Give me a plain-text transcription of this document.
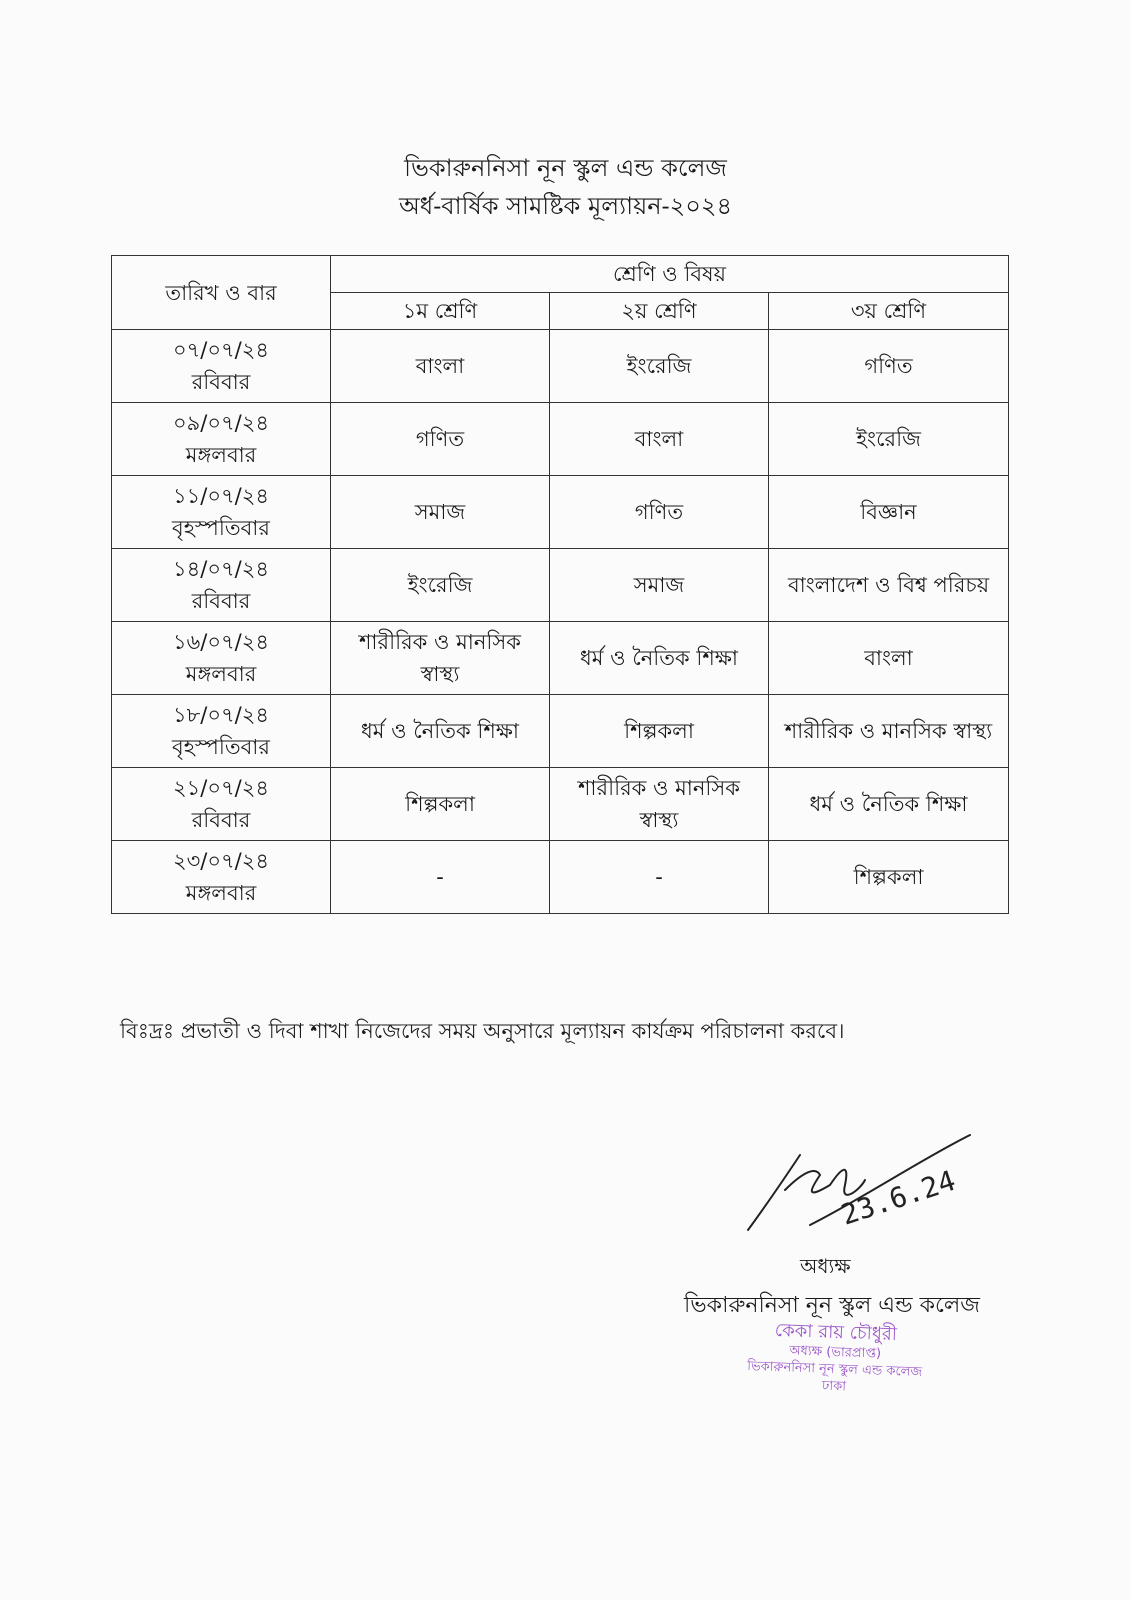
ভিকারুননিসা নূন স্কুল এন্ড কলেজ
অর্ধ-বার্ষিক সামষ্টিক মূল্যায়ন-২০২৪
তারিখ ও বার	শ্রেণি ও বিষয়		
	১ম শ্রেণি	২য় শ্রেণি	৩য় শ্রেণি

০৭/০৭/২৪
রবিবার	বাংলা	ইংরেজি	গণিত

০৯/০৭/২৪
মঙ্গলবার	গণিত	বাংলা	ইংরেজি

১১/০৭/২৪
বৃহস্পতিবার	সমাজ	গণিত	বিজ্ঞান

১৪/০৭/২৪
রবিবার	ইংরেজি	সমাজ	বাংলাদেশ ও বিশ্ব পরিচয়

১৬/০৭/২৪
মঙ্গলবার	শারীরিক ও মানসিক স্বাস্থ্য	ধর্ম ও নৈতিক শিক্ষা	বাংলা

১৮/০৭/২৪
বৃহস্পতিবার	ধর্ম ও নৈতিক শিক্ষা	শিল্পকলা	শারীরিক ও মানসিক স্বাস্থ্য

২১/০৭/২৪
রবিবার	শিল্পকলা	শারীরিক ও মানসিক স্বাস্থ্য	ধর্ম ও নৈতিক শিক্ষা

২৩/০৭/২৪
মঙ্গলবার	-	-	শিল্পকলা
বিঃদ্রঃ প্রভাতী ও দিবা শাখা নিজেদের সময় অনুসারে মূল্যায়ন কার্যক্রম পরিচালনা করবে।
23.6.24
অধ্যক্ষ
ভিকারুননিসা নূন স্কুল এন্ড কলেজ
কেকা রায় চৌধুরী
অধ্যক্ষ (ভারপ্রাপ্ত)
ভিকারুননিসা নূন স্কুল এন্ড কলেজ
ঢাকা
